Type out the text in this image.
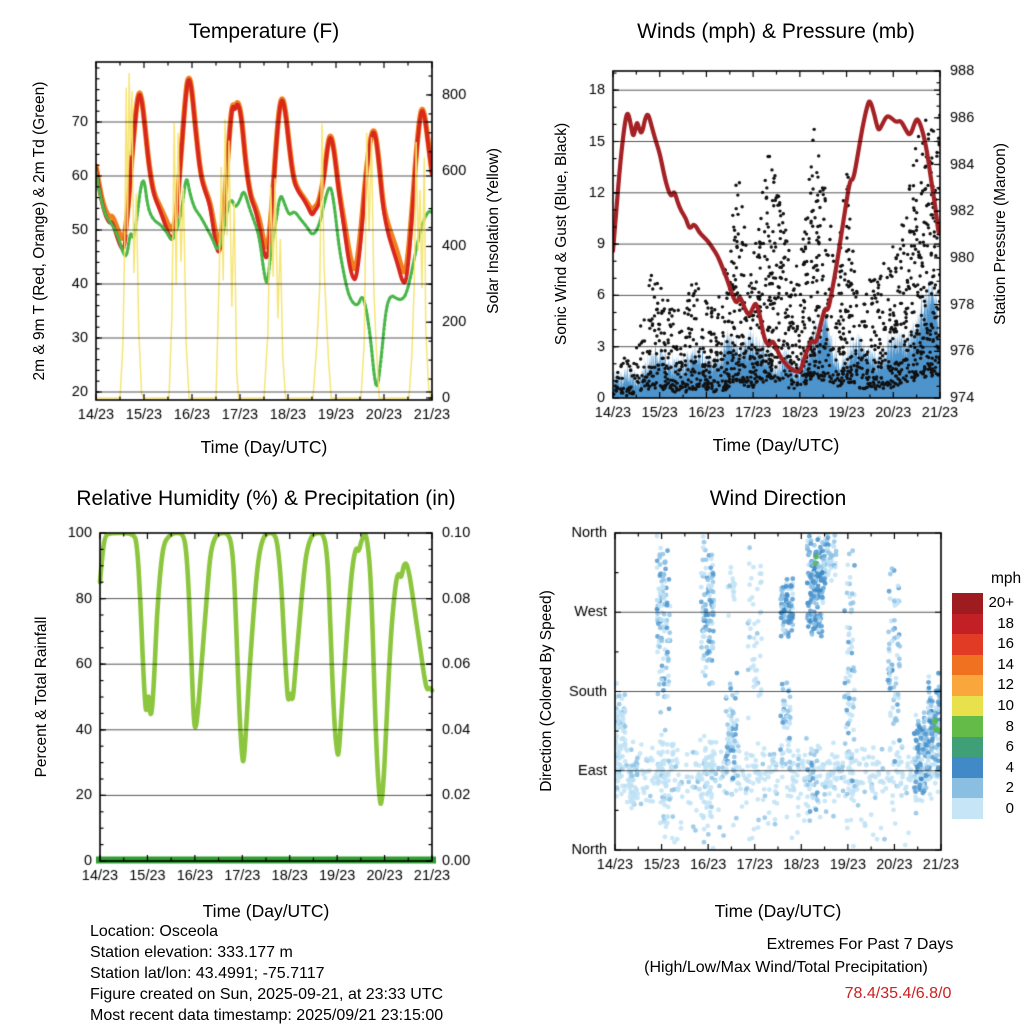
Temperature (F)	Winds (mph) & Pressure (mb)
Relative Humidity (%) & Precipitation (in)	Wind Direction
Time (Day/UTC)	Time (Day/UTC)
Time (Day/UTC)	Time (Day/UTC)
2m & 9m T (Red, Orange) & 2m Td (Green)	Solar Insolation (Yellow)	Sonic Wind & Gust (Blue, Black)	Station Pressure (Maroon)
Percent & Total Rainfall	Direction (Colored By Speed)
mph
20+
18
16
14
12
10
8
6
4
2
0
Location: Osceola
Station elevation: 333.177 m
Station lat/lon: 43.4991; -75.7117
Figure created on Sun, 2025-09-21, at 23:33 UTC
Most recent data timestamp: 2025/09/21 23:15:00
Extremes For Past 7 Days
(High/Low/Max Wind/Total Precipitation)
78.4/35.4/6.8/0
